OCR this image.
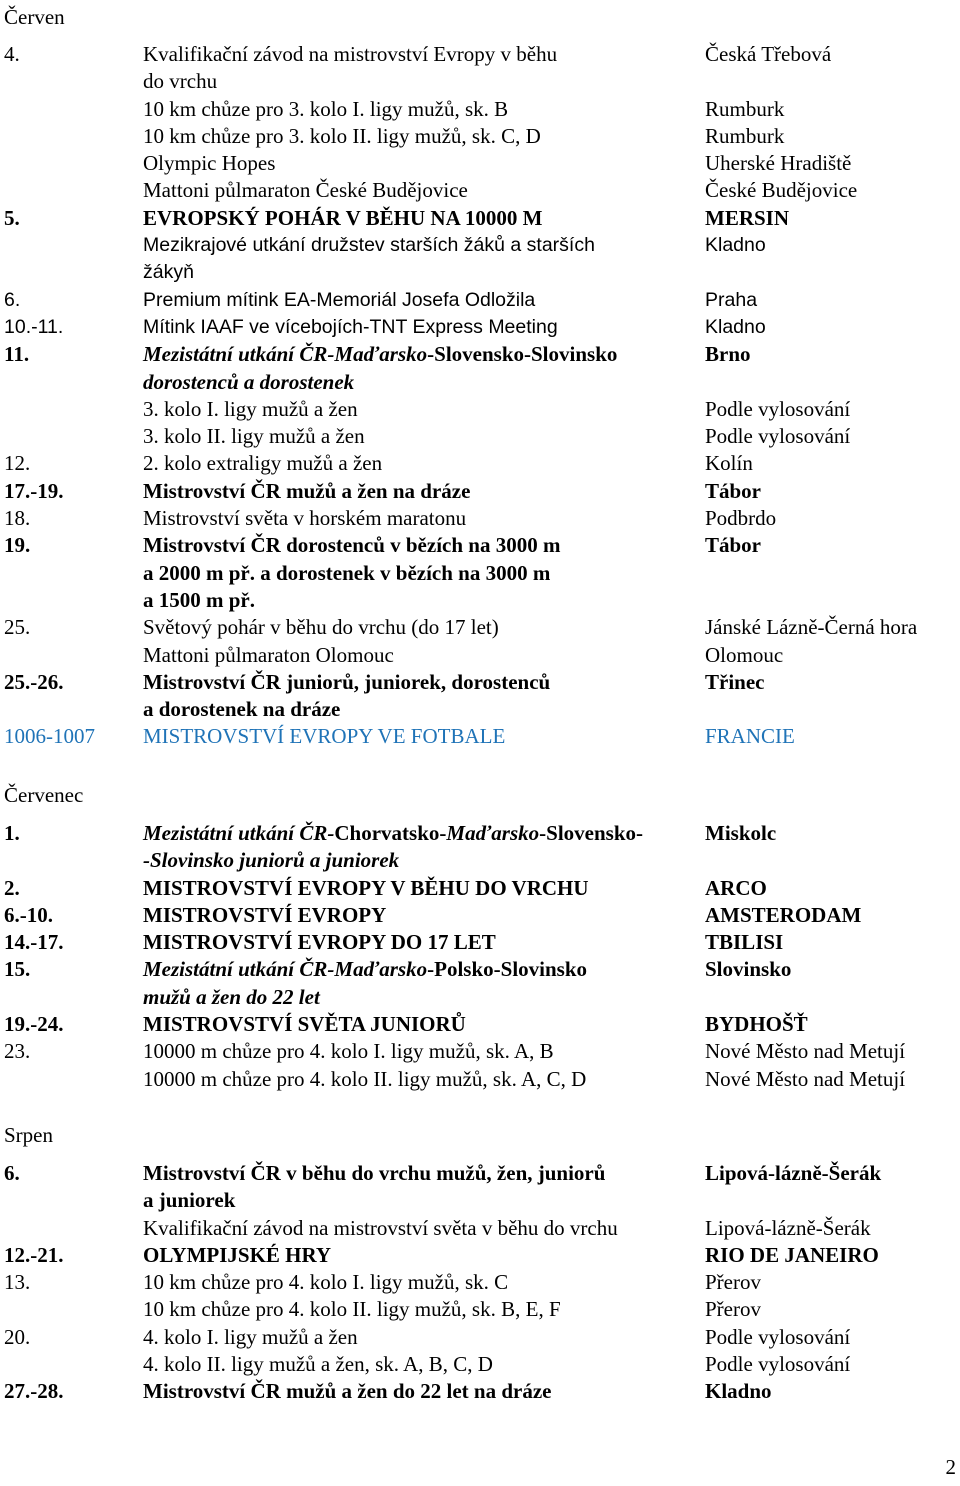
Červen
4.	Kvalifikační závod na mistrovství Evropy v běhu	Česká Třebová
do vrchu
10 km chůze pro 3. kolo I. ligy mužů, sk. B	Rumburk
10 km chůze pro 3. kolo II. ligy mužů, sk. C, D	Rumburk
Olympic Hopes	Uherské Hradiště
Mattoni půlmaraton České Budějovice	České Budějovice
5.	EVROPSKÝ POHÁR V BĚHU NA 10000 M	MERSIN
Mezikrajové utkání družstev starších žáků a starších	Kladno
žákyň
6.	Premium mítink EA-Memoriál Josefa Odložila	Praha
10.-11.	Mítink IAAF ve vícebojích-TNT Express Meeting	Kladno
11.	Mezistátní utkání ČR-Maďarsko-Slovensko-Slovinsko	Brno
dorostenců a dorostenek
3. kolo I. ligy mužů a žen	Podle vylosování
3. kolo II. ligy mužů a žen	Podle vylosování
12.	2. kolo extraligy mužů a žen	Kolín
17.-19.	Mistrovství ČR mužů a žen na dráze	Tábor
18.	Mistrovství světa v horském maratonu	Podbrdo
19.	Mistrovství ČR dorostenců v bězích na 3000 m	Tábor
a 2000 m př. a dorostenek v bězích na 3000 m
a 1500 m př.
25.	Světový pohár v běhu do vrchu (do 17 let)	Jánské Lázně-Černá hora
Mattoni půlmaraton Olomouc	Olomouc
25.-26.	Mistrovství ČR juniorů, juniorek, dorostenců	Třinec
a dorostenek na dráze
1006-1007	MISTROVSTVÍ EVROPY VE FOTBALE	FRANCIE
Červenec
1.	Mezistátní utkání ČR-Chorvatsko-Maďarsko-Slovensko-	Miskolc
-Slovinsko juniorů a juniorek
2.	MISTROVSTVÍ EVROPY V BĚHU DO VRCHU	ARCO
6.-10.	MISTROVSTVÍ EVROPY	AMSTERODAM
14.-17.	MISTROVSTVÍ EVROPY DO 17 LET	TBILISI
15.	Mezistátní utkání ČR-Maďarsko-Polsko-Slovinsko	Slovinsko
mužů a žen do 22 let
19.-24.	MISTROVSTVÍ SVĚTA JUNIORŮ	BYDHOŠŤ
23.	10000 m chůze pro 4. kolo I. ligy mužů, sk. A, B	Nové Město nad Metují
10000 m chůze pro 4. kolo II. ligy mužů, sk. A, C, D	Nové Město nad Metují
Srpen
6.	Mistrovství ČR v běhu do vrchu mužů, žen, juniorů	Lipová-lázně-Šerák
a juniorek
Kvalifikační závod na mistrovství světa v běhu do vrchu	Lipová-lázně-Šerák
12.-21.	OLYMPIJSKÉ HRY	RIO DE JANEIRO
13.	10 km chůze pro 4. kolo I. ligy mužů, sk. C	Přerov
10 km chůze pro 4. kolo II. ligy mužů, sk. B, E, F	Přerov
20.	4. kolo I. ligy mužů a žen	Podle vylosování
4. kolo II. ligy mužů a žen, sk. A, B, C, D	Podle vylosování
27.-28.	Mistrovství ČR mužů a žen do 22 let na dráze	Kladno
2
